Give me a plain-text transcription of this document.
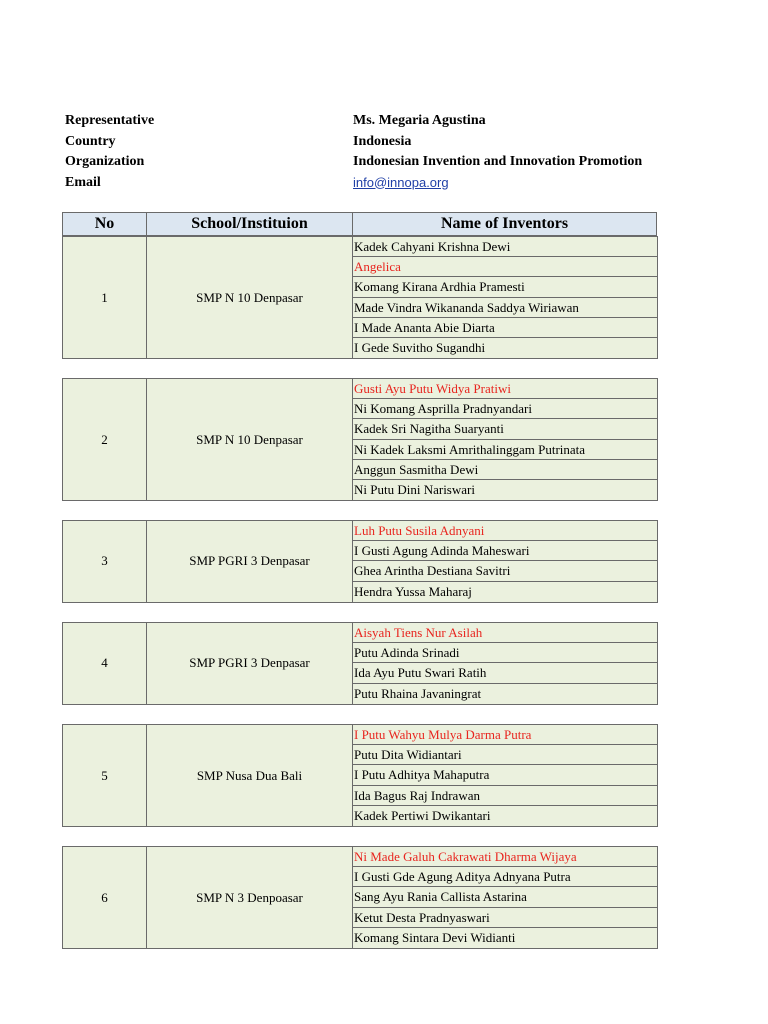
Representative	Ms. Megaria Agustina
Country	Indonesia
Organization	Indonesian Invention and Innovation Promotion
Email	info@innopa.org
No	School/Instituion	Name of Inventors
1	SMP N 10 Denpasar
Kadek Cahyani Krishna Dewi
Angelica
Komang Kirana Ardhia Pramesti
Made Vindra Wikananda Saddya Wiriawan
I Made Ananta Abie Diarta
I Gede Suvitho Sugandhi
2	SMP N 10 Denpasar
Gusti Ayu Putu Widya Pratiwi
Ni Komang Asprilla Pradnyandari
Kadek Sri Nagitha Suaryanti
Ni Kadek Laksmi Amrithalinggam Putrinata
Anggun Sasmitha Dewi
Ni Putu Dini Nariswari
3	SMP PGRI 3 Denpasar
Luh Putu Susila Adnyani
I Gusti Agung Adinda Maheswari
Ghea Arintha Destiana Savitri
Hendra Yussa Maharaj
4	SMP PGRI 3 Denpasar
Aisyah Tiens Nur Asilah
Putu Adinda Srinadi
Ida Ayu Putu Swari Ratih
Putu Rhaina Javaningrat
5	SMP Nusa Dua Bali
I Putu Wahyu Mulya Darma Putra
Putu Dita Widiantari
I Putu Adhitya Mahaputra
Ida Bagus Raj Indrawan
Kadek Pertiwi Dwikantari
6	SMP N 3 Denpoasar
Ni Made Galuh Cakrawati Dharma Wijaya
I Gusti Gde Agung Aditya Adnyana Putra
Sang Ayu Rania Callista Astarina
Ketut Desta Pradnyaswari
Komang Sintara Devi Widianti
